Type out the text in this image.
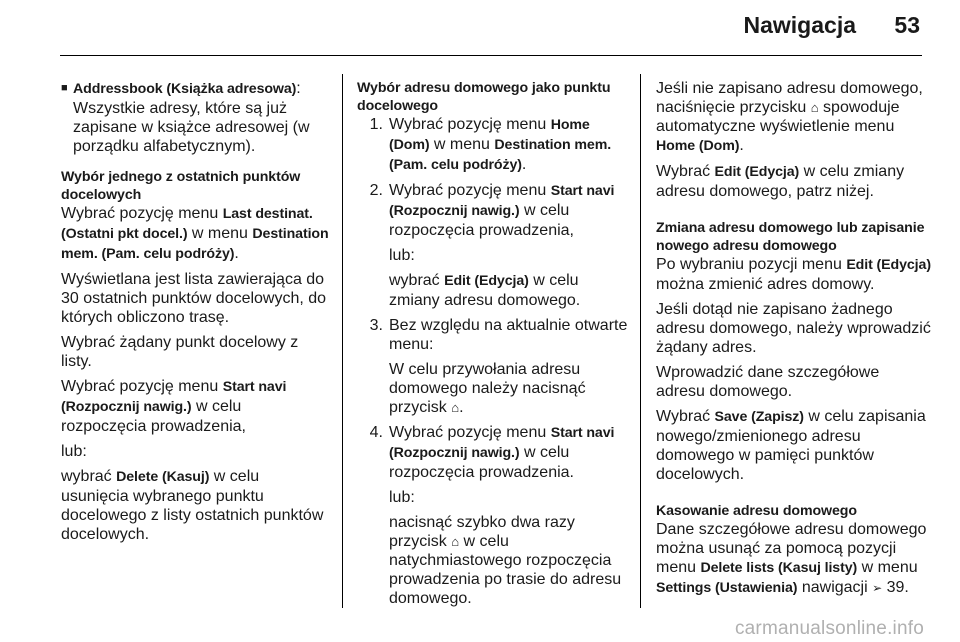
Nawigacja 53
■ Addressbook (Książka adresowa):
Wszystkie adresy, które są już zapisane w książce adresowej (w porządku alfabetycznym).
Wybór jednego z ostatnich punktów docelowych

Wybrać pozycję menu Last destinat. (Ostatni pkt docel.) w menu Destination mem. (Pam. celu podróży).

Wyświetlana jest lista zawierająca do 30 ostatnich punktów docelowych, do których obliczono trasę.

Wybrać żądany punkt docelowy z listy.

Wybrać pozycję menu Start navi (Rozpocznij nawig.) w celu rozpoczęcia prowadzenia,

lub:

wybrać Delete (Kasuj) w celu usunięcia wybranego punktu docelowego z listy ostatnich punktów docelowych.

Wybór adresu domowego jako punktu docelowego
1. Wybrać pozycję menu Home (Dom) w menu Destination mem. (Pam. celu podróży).
2. Wybrać pozycję menu Start navi (Rozpocznij nawig.) w celu rozpoczęcia prowadzenia,

lub:

wybrać Edit (Edycja) w celu zmiany adresu domowego.

3. Bez względu na aktualnie otwarte menu:

W celu przywołania adresu domowego należy nacisnąć przycisk ⌂.

4. Wybrać pozycję menu Start navi (Rozpocznij nawig.) w celu rozpoczęcia prowadzenia.

lub:

nacisnąć szybko dwa razy przycisk ⌂ w celu natychmiastowego rozpoczęcia prowadzenia po trasie do adresu domowego.

Jeśli nie zapisano adresu domowego, naciśnięcie przycisku ⌂ spowoduje automatyczne wyświetlenie menu Home (Dom).

Wybrać Edit (Edycja) w celu zmiany adresu domowego, patrz niżej.

Zmiana adresu domowego lub zapisanie nowego adresu domowego

Po wybraniu pozycji menu Edit (Edycja) można zmienić adres domowy.

Jeśli dotąd nie zapisano żadnego adresu domowego, należy wprowadzić żądany adres.

Wprowadzić dane szczegółowe adresu domowego.

Wybrać Save (Zapisz) w celu zapisania nowego/zmienionego adresu domowego w pamięci punktów docelowych.

Kasowanie adresu domowego

Dane szczegółowe adresu domowego można usunąć za pomocą pozycji menu Delete lists (Kasuj listy) w menu Settings (Ustawienia) nawigacji ➢ 39.

carmanualsonline.info
